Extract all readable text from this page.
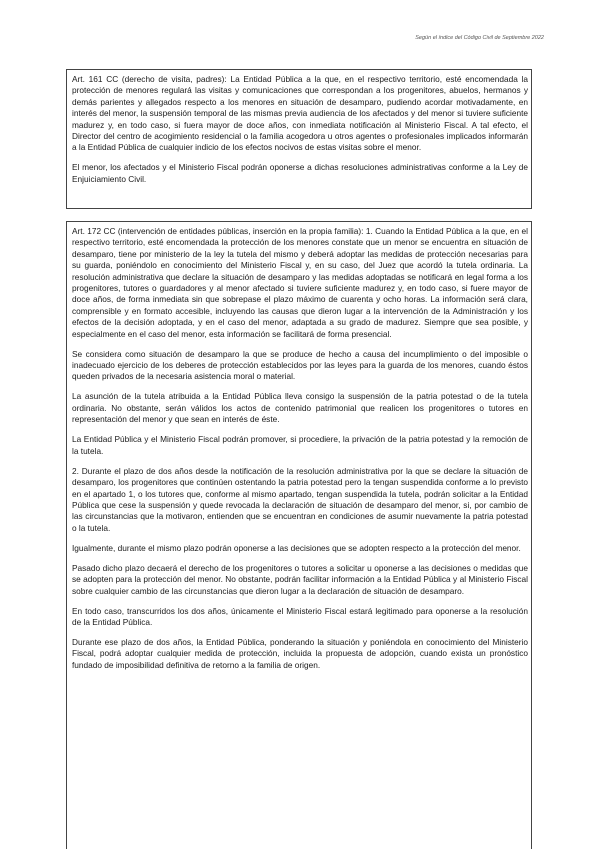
Según el índice del Código Civil de Septiembre 2022

Art. 161 CC (derecho de visita, padres): La Entidad Pública a la que, en el respectivo territorio, esté encomendada la protección de menores regulará las visitas y comunicaciones que correspondan a los progenitores, abuelos, hermanos y demás parientes y allegados respecto a los menores en situación de desamparo, pudiendo acordar motivadamente, en interés del menor, la suspensión temporal de las mismas previa audiencia de los afectados y del menor si tuviere suficiente madurez y, en todo caso, si fuera mayor de doce años, con inmediata notificación al Ministerio Fiscal. A tal efecto, el Director del centro de acogimiento residencial o la familia acogedora u otros agentes o profesionales implicados informarán a la Entidad Pública de cualquier indicio de los efectos nocivos de estas visitas sobre el menor.

El menor, los afectados y el Ministerio Fiscal podrán oponerse a dichas resoluciones administrativas conforme a la Ley de Enjuiciamiento Civil.

Art. 172 CC (intervención de entidades públicas, inserción en la propia familia): 1. Cuando la Entidad Pública a la que, en el respectivo territorio, esté encomendada la protección de los menores constate que un menor se encuentra en situación de desamparo, tiene por ministerio de la ley la tutela del mismo y deberá adoptar las medidas de protección necesarias para su guarda, poniéndolo en conocimiento del Ministerio Fiscal y, en su caso, del Juez que acordó la tutela ordinaria. La resolución administrativa que declare la situación de desamparo y las medidas adoptadas se notificará en legal forma a los progenitores, tutores o guardadores y al menor afectado si tuviere suficiente madurez y, en todo caso, si fuere mayor de doce años, de forma inmediata sin que sobrepase el plazo máximo de cuarenta y ocho horas. La información será clara, comprensible y en formato accesible, incluyendo las causas que dieron lugar a la intervención de la Administración y los efectos de la decisión adoptada, y en el caso del menor, adaptada a su grado de madurez. Siempre que sea posible, y especialmente en el caso del menor, esta información se facilitará de forma presencial.

Se considera como situación de desamparo la que se produce de hecho a causa del incumplimiento o del imposible o inadecuado ejercicio de los deberes de protección establecidos por las leyes para la guarda de los menores, cuando éstos queden privados de la necesaria asistencia moral o material.

La asunción de la tutela atribuida a la Entidad Pública lleva consigo la suspensión de la patria potestad o de la tutela ordinaria. No obstante, serán válidos los actos de contenido patrimonial que realicen los progenitores o tutores en representación del menor y que sean en interés de éste.

La Entidad Pública y el Ministerio Fiscal podrán promover, si procediere, la privación de la patria potestad y la remoción de la tutela.

2. Durante el plazo de dos años desde la notificación de la resolución administrativa por la que se declare la situación de desamparo, los progenitores que continúen ostentando la patria potestad pero la tengan suspendida conforme a lo previsto en el apartado 1, o los tutores que, conforme al mismo apartado, tengan suspendida la tutela, podrán solicitar a la Entidad Pública que cese la suspensión y quede revocada la declaración de situación de desamparo del menor, si, por cambio de las circunstancias que la motivaron, entienden que se encuentran en condiciones de asumir nuevamente la patria potestad o la tutela.

Igualmente, durante el mismo plazo podrán oponerse a las decisiones que se adopten respecto a la protección del menor.

Pasado dicho plazo decaerá el derecho de los progenitores o tutores a solicitar u oponerse a las decisiones o medidas que se adopten para la protección del menor. No obstante, podrán facilitar información a la Entidad Pública y al Ministerio Fiscal sobre cualquier cambio de las circunstancias que dieron lugar a la declaración de situación de desamparo.

En todo caso, transcurridos los dos años, únicamente el Ministerio Fiscal estará legitimado para oponerse a la resolución de la Entidad Pública.

Durante ese plazo de dos años, la Entidad Pública, ponderando la situación y poniéndola en conocimiento del Ministerio Fiscal, podrá adoptar cualquier medida de protección, incluida la propuesta de adopción, cuando exista un pronóstico fundado de imposibilidad definitiva de retorno a la familia de origen.
